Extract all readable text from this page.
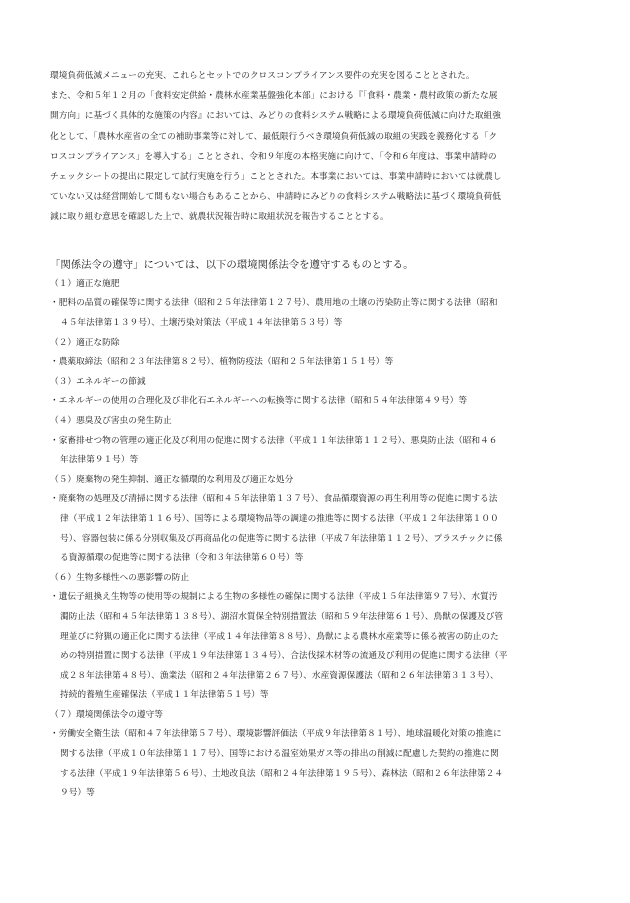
環境負荷低減メニューの充実、これらとセットでのクロスコンプライアンス要件の充実を図ることとされた。

また、令和５年１２月の「食料安定供給・農林水産業基盤強化本部」における『「食料・農業・農村政策の新たな展

開方向」に基づく具体的な施策の内容』においては、みどりの食料システム戦略による環境負荷低減に向けた取組強

化として、「農林水産省の全ての補助事業等に対して、最低限行うべき環境負荷低減の取組の実践を義務化する「ク

ロスコンプライアンス」を導入する」こととされ、令和９年度の本格実施に向けて、「令和６年度は、事業申請時の

チェックシートの提出に限定して試行実施を行う」こととされた。本事業においては、事業申請時においては就農し

ていない又は経営開始して間もない場合もあることから、申請時にみどりの食料システム戦略法に基づく環境負荷低

減に取り組む意思を確認した上で、就農状況報告時に取組状況を報告することとする。

「関係法令の遵守」については、以下の環境関係法令を遵守するものとする。

（１）適正な施肥

・肥料の品質の確保等に関する法律（昭和２５年法律第１２７号）、農用地の土壌の汚染防止等に関する法律（昭和

４５年法律第１３９号）、土壌汚染対策法（平成１４年法律第５３号）等

（２）適正な防除

・農薬取締法（昭和２３年法律第８２号）、植物防疫法（昭和２５年法律第１５１号）等

（３）エネルギーの節減

・エネルギーの使用の合理化及び非化石エネルギーへの転換等に関する法律（昭和５４年法律第４９号）等

（４）悪臭及び害虫の発生防止

・家畜排せつ物の管理の適正化及び利用の促進に関する法律（平成１１年法律第１１２号）、悪臭防止法（昭和４６

年法律第９１号）等

（５）廃棄物の発生抑制、適正な循環的な利用及び適正な処分

・廃棄物の処理及び清掃に関する法律（昭和４５年法律第１３７号）、食品循環資源の再生利用等の促進に関する法

律（平成１２年法律第１１６号）、国等による環境物品等の調達の推進等に関する法律（平成１２年法律第１００

号）、容器包装に係る分別収集及び再商品化の促進等に関する法律（平成７年法律第１１２号）、プラスチックに係

る資源循環の促進等に関する法律（令和３年法律第６０号）等

（６）生物多様性への悪影響の防止

・遺伝子組換え生物等の使用等の規制による生物の多様性の確保に関する法律（平成１５年法律第９７号）、水質汚

濁防止法（昭和４５年法律第１３８号）、湖沼水質保全特別措置法（昭和５９年法律第６１号）、鳥獣の保護及び管

理並びに狩猟の適正化に関する法律（平成１４年法律第８８号）、鳥獣による農林水産業等に係る被害の防止のた

めの特別措置に関する法律（平成１９年法律第１３４号）、合法伐採木材等の流通及び利用の促進に関する法律（平

成２８年法律第４８号）、漁業法（昭和２４年法律第２６７号）、水産資源保護法（昭和２６年法律第３１３号）、

持続的養殖生産確保法（平成１１年法律第５１号）等

（７）環境関係法令の遵守等

・労働安全衛生法（昭和４７年法律第５７号）、環境影響評価法（平成９年法律第８１号）、地球温暖化対策の推進に

関する法律（平成１０年法律第１１７号）、国等における温室効果ガス等の排出の削減に配慮した契約の推進に関

する法律（平成１９年法律第５６号）、土地改良法（昭和２４年法律第１９５号）、森林法（昭和２６年法律第２４

９号）等
